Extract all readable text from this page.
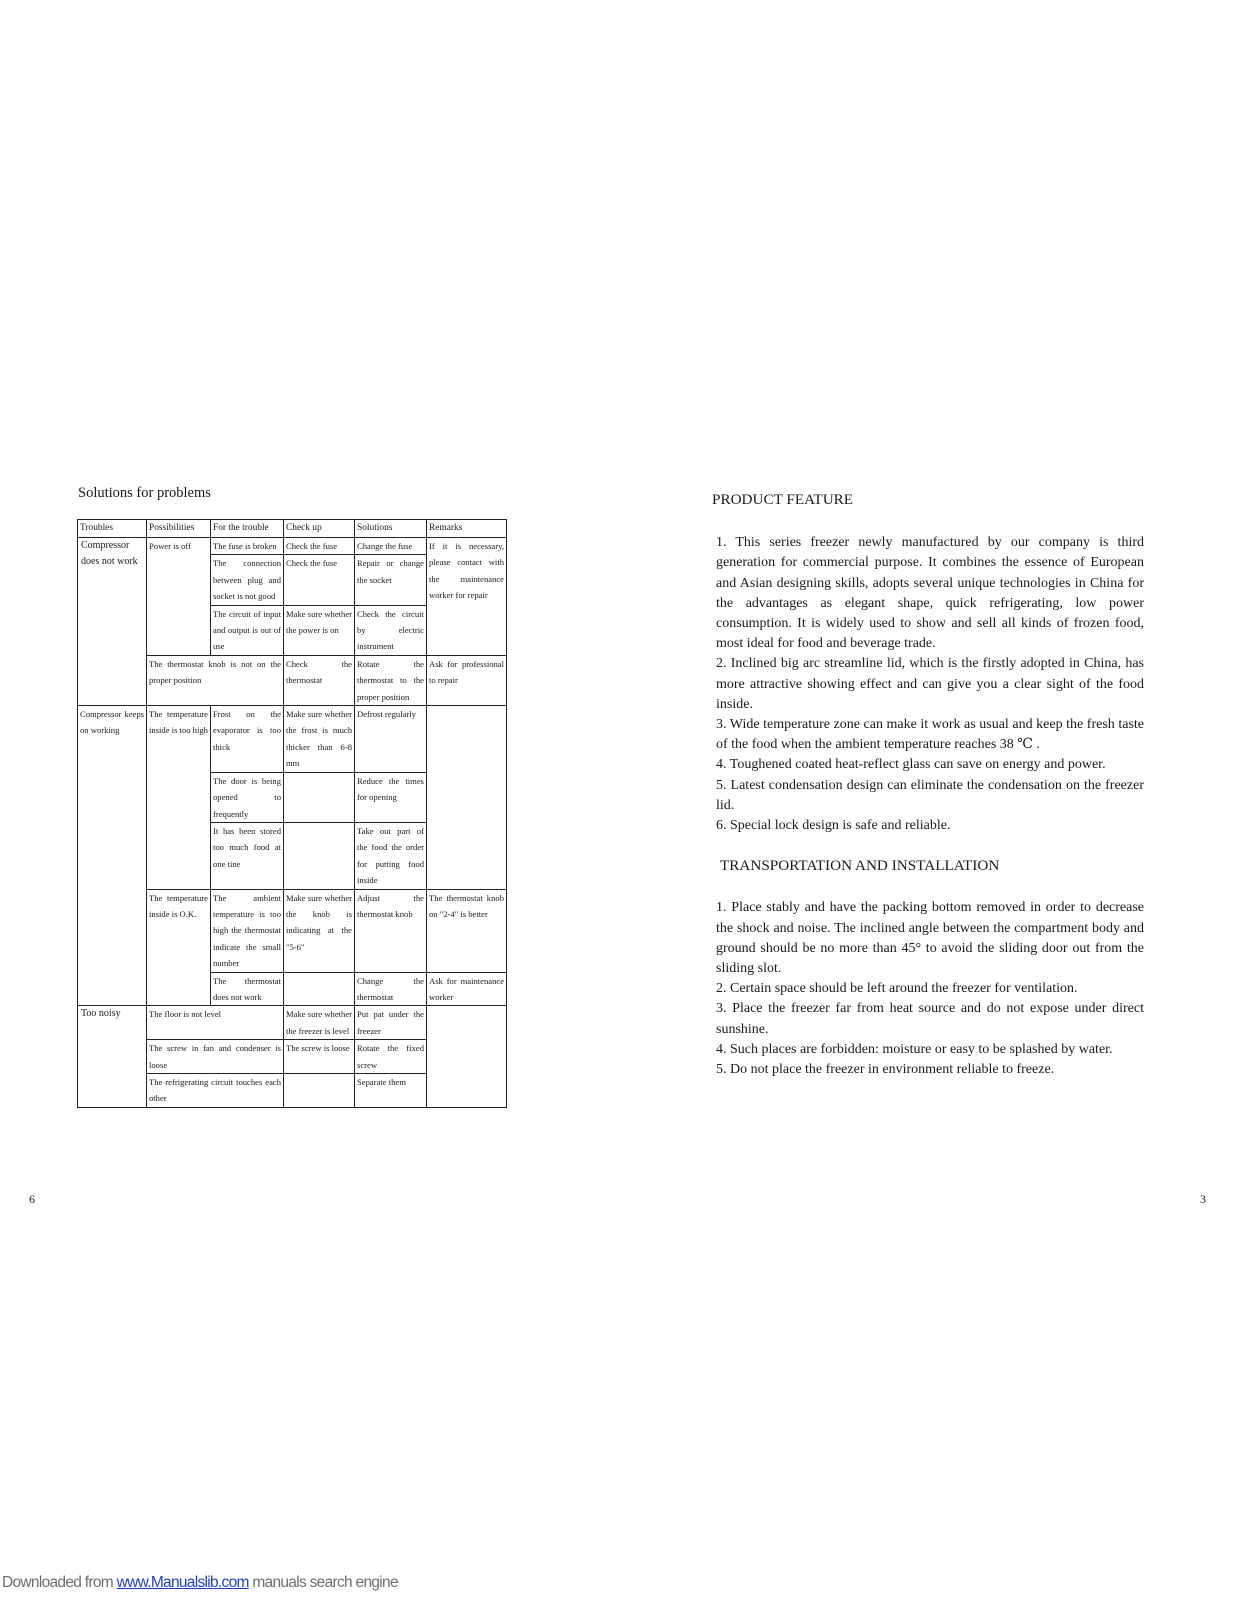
Solutions for problems
Troubles	Possibilities	For the trouble	Check up	Solutions	Remarks
Compressor does not work	Power is off	The fuse is broken	Check the fuse	Change the fuse	If it is necessary, please contact with the maintenance worker for repair
		The connection between plug and socket is not good	Check the fuse	Repair or change the socket	
		The circuit of input and output is out of use	Make sure whether the power is on	Check the circuit by electric instrument	
	The thermostat knob is not on the proper position		Check the thermostat	Rotate the thermostat to the proper position	Ask for professional to repair
Compressor keeps on working	The temperature inside is too high	Frost on the evaporator is too thick	Make sure whether the frost is much thicker than 6-8 mm	Defrost regularly	
		The door is being opened to frequently		Reduce the times for opening	
		It has been stored too much food at one tine		Take out part of the food the order for putting food inside	
	The temperature inside is O.K.	The ambient temperature is too high the thermostat indicate the small number	Make sure whether the knob is indicating at the "5-6"	Adjust the thermostat knob	The thermostat knob on "2-4" is better
		The thermostat does not work		Change the thermostat	Ask for maintenance worker
Too noisy	The floor is not level		Make sure whether the freezer is level	Put pat under the freezer	
	The screw in fan and condenser is loose		The screw is loose	Rotate the fixed screw	
	The refrigerating circuit touches each other			Separate them	
6
PRODUCT FEATURE

1. This series freezer newly manufactured by our company is third generation for commercial purpose. It combines the essence of European and Asian designing skills, adopts several unique technologies in China for the advantages as elegant shape, quick refrigerating, low power consumption. It is widely used to show and sell all kinds of frozen food, most ideal for food and beverage trade.

2. Inclined big arc streamline lid, which is the firstly adopted in China, has more attractive showing effect and can give you a clear sight of the food inside.

3. Wide temperature zone can make it work as usual and keep the fresh taste of the food when the ambient temperature reaches 38 ℃ .

4. Toughened coated heat-reflect glass can save on energy and power.

5. Latest condensation design can eliminate the condensation on the freezer lid.

6. Special lock design is safe and reliable.

TRANSPORTATION AND INSTALLATION

1. Place stably and have the packing bottom removed in order to decrease the shock and noise. The inclined angle between the compartment body and ground should be no more than 45° to avoid the sliding door out from the sliding slot.

2. Certain space should be left around the freezer for ventilation.

3. Place the freezer far from heat source and do not expose under direct sunshine.

4. Such places are forbidden: moisture or easy to be splashed by water.

5. Do not place the freezer in environment reliable to freeze.

3
Downloaded from www.Manualslib.com manuals search engine
